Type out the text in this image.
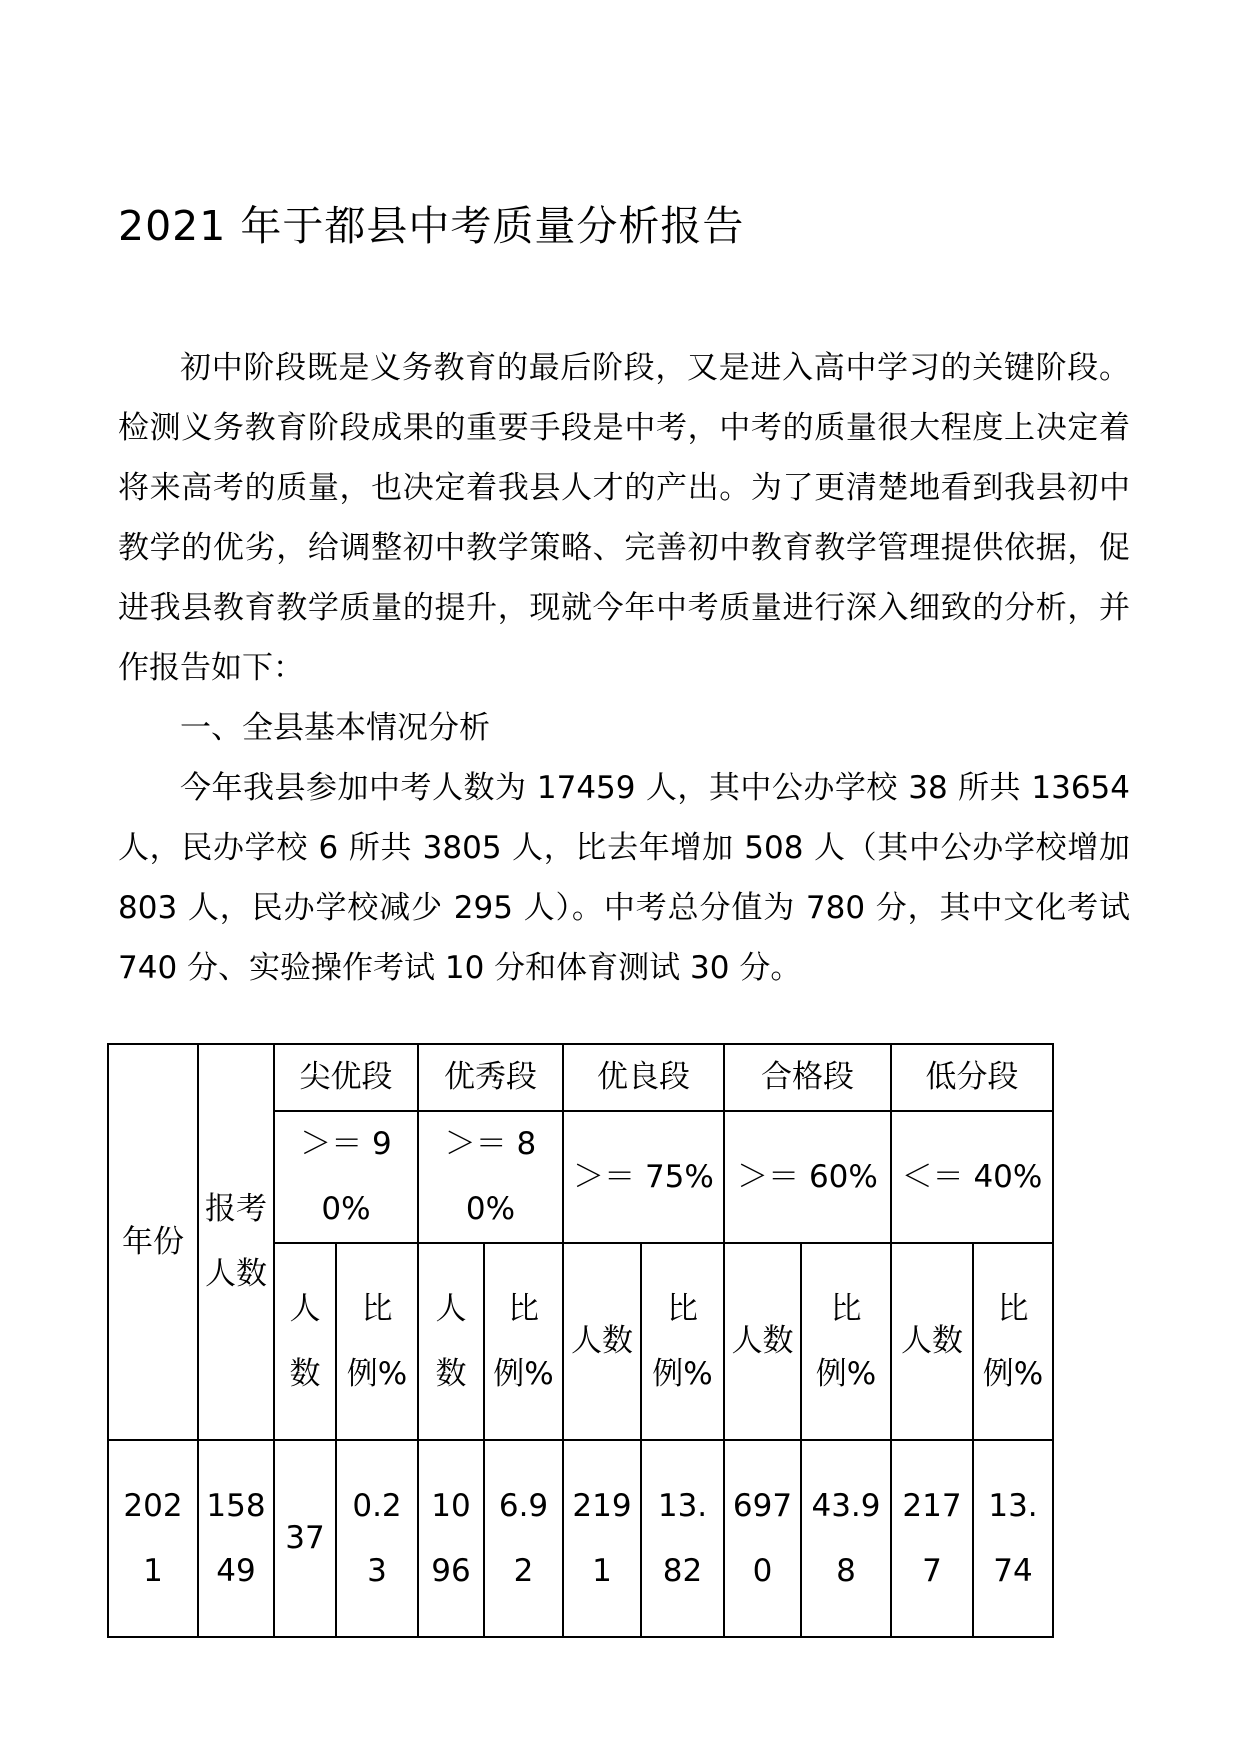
2021 年于都县中考质量分析报告

初中阶段既是义务教育的最后阶段，又是进入高中学习的关键阶段。检测义务教育阶段成果的重要手段是中考，中考的质量很大程度上决定着将来高考的质量，也决定着我县人才的产出。为了更清楚地看到我县初中教学的优劣，给调整初中教学策略、完善初中教育教学管理提供依据，促进我县教育教学质量的提升，现就今年中考质量进行深入细致的分析，并作报告如下：

一、全县基本情况分析

今年我县参加中考人数为 17459 人，其中公办学校 38 所共 13654 人，民办学校 6 所共 3805 人，比去年增加 508 人（其中公办学校增加 803 人，民办学校减少 295 人）。中考总分值为 780 分，其中文化考试 740 分、实验操作考试 10 分和体育测试 30 分。

年份	报考人数	尖优段		优秀段		优良段		合格段		低分段	
		＞＝ 90%		＞＝ 80%		＞＝ 75%		＞＝ 60%		＜＝ 40%	
		人数	比例%	人数	比例%	人数	比例%	人数	比例%	人数	比例%
2021	15849	37	0.23	1096	6.92	2191	13.82	6970	43.98	2177	13.74
